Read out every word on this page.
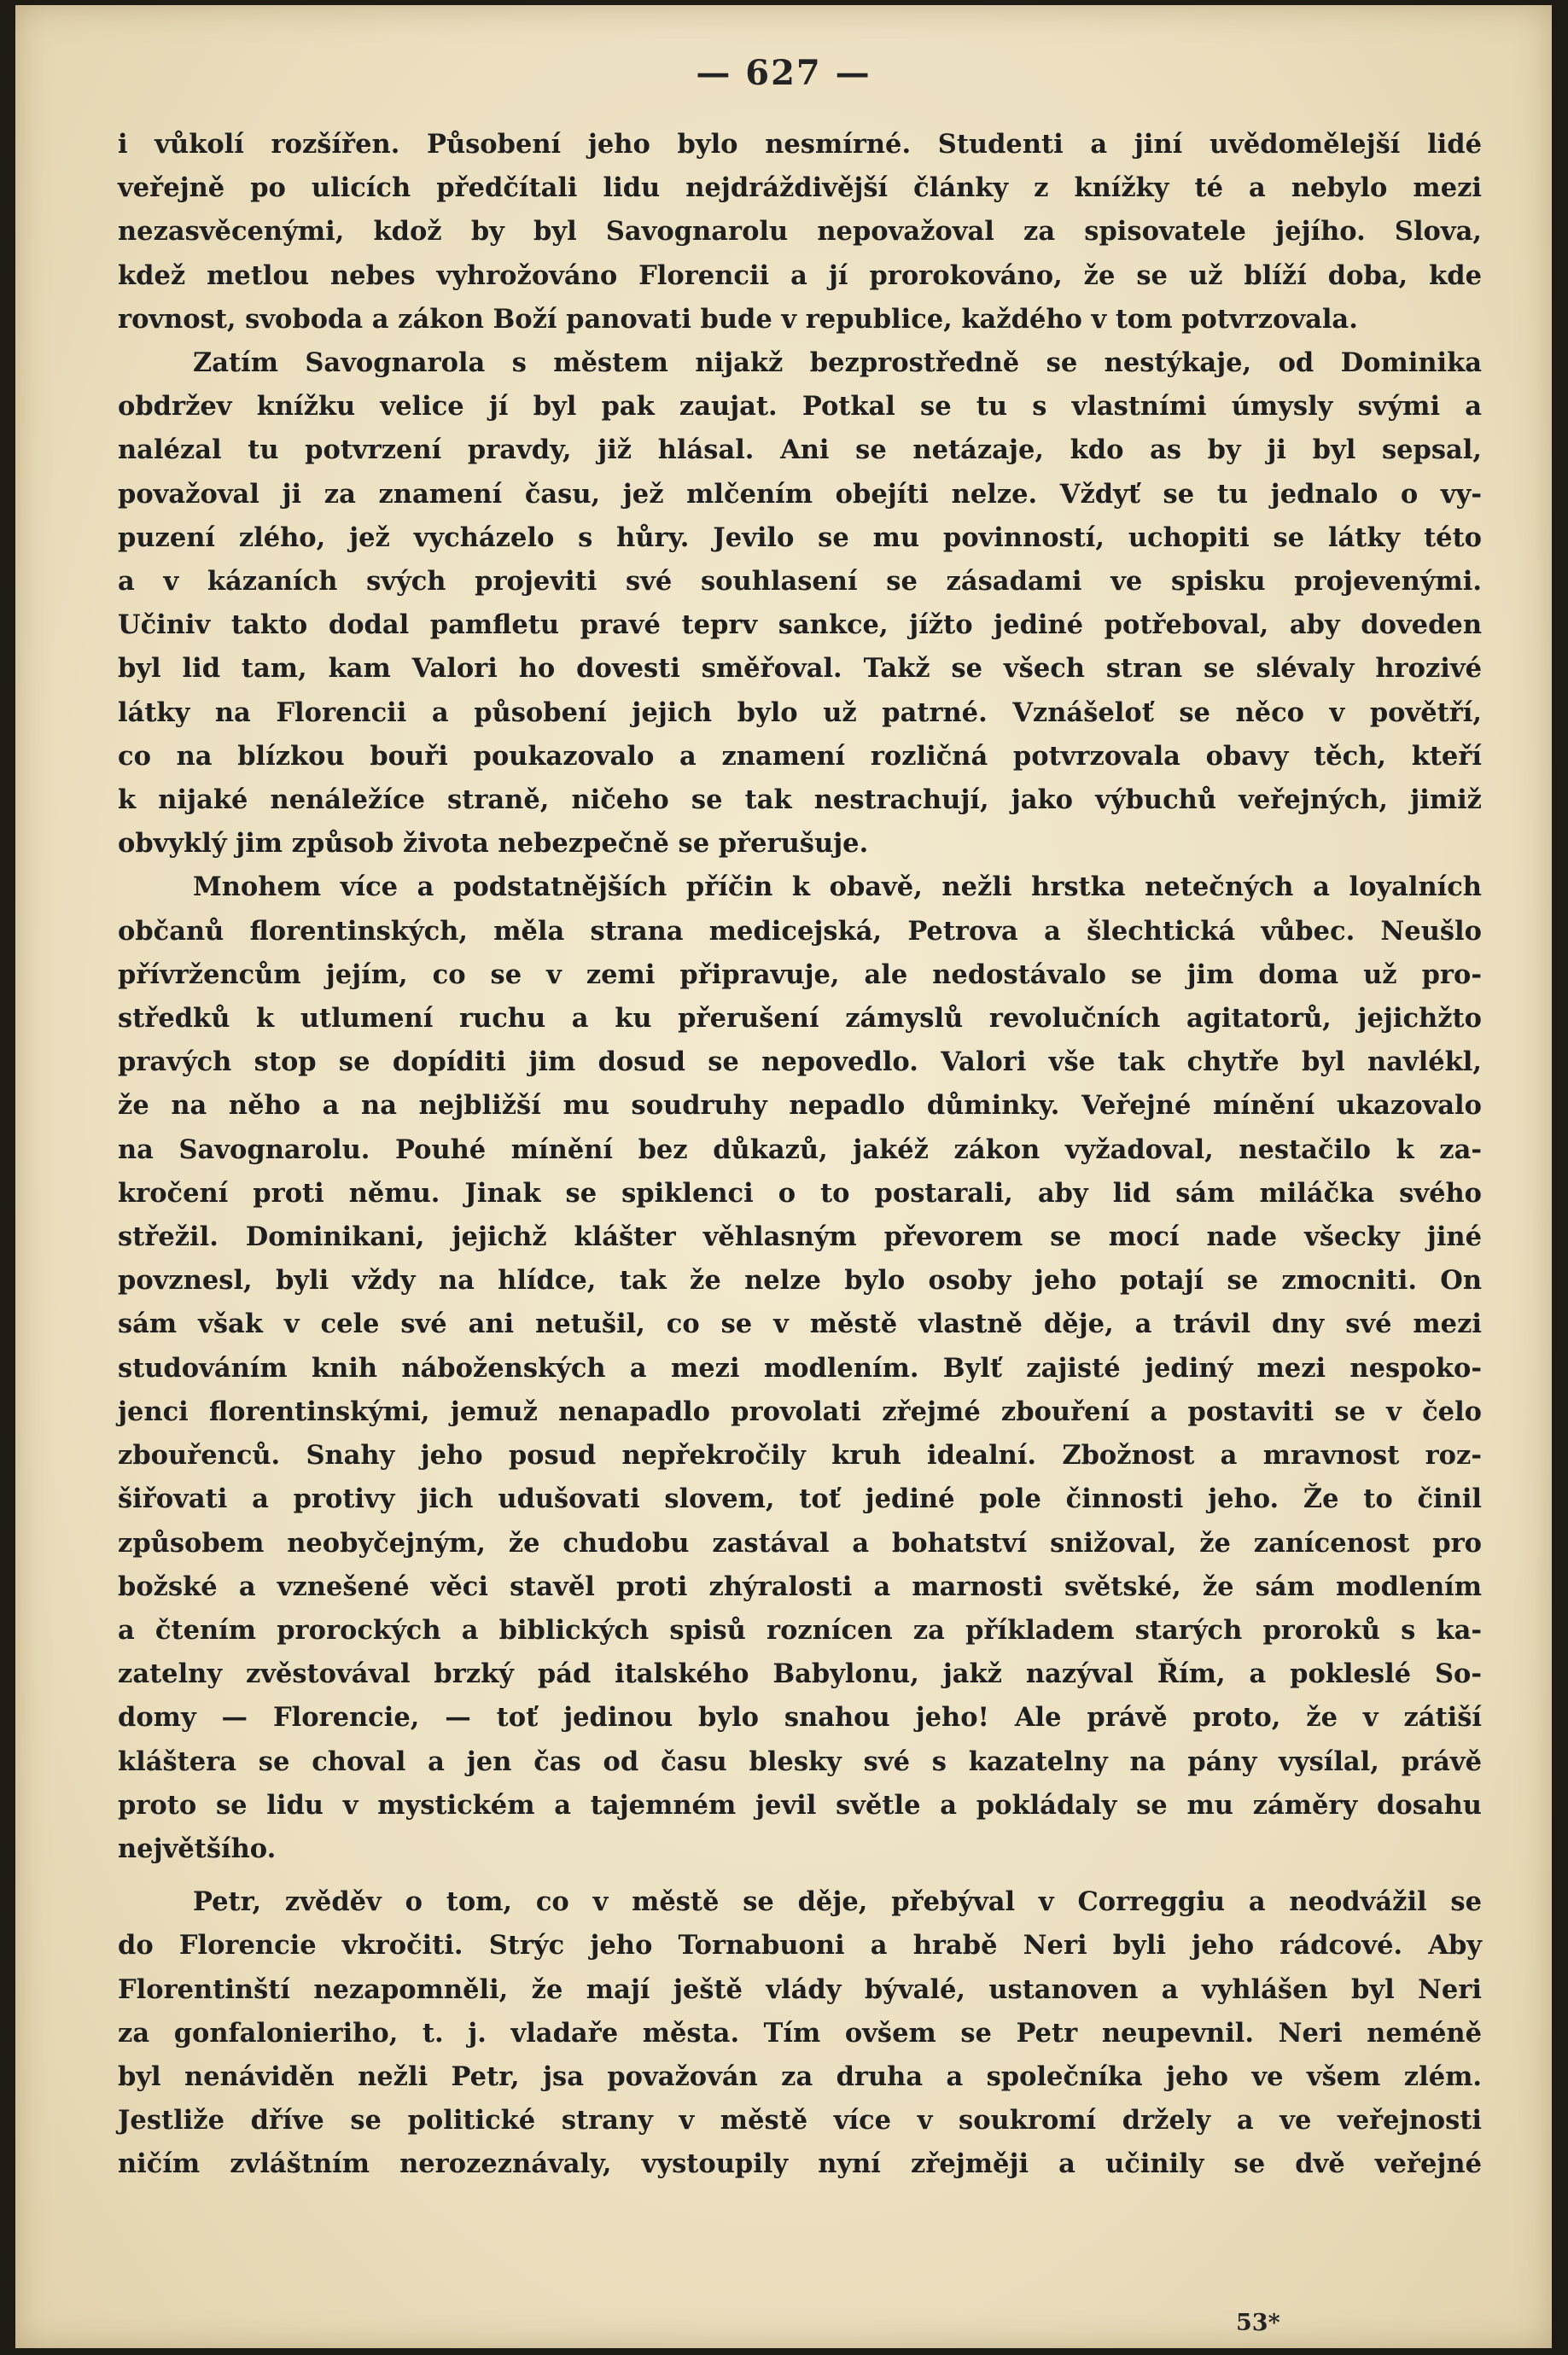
— 627 —
i vůkolí rozšířen. Působení jeho bylo nesmírné. Studenti a jiní uvědomělejší lidé
veřejně po ulicích předčítali lidu nejdráždivější články z knížky té a nebylo mezi
nezasvěcenými, kdož by byl Savognarolu nepovažoval za spisovatele jejího. Slova,
kdež metlou nebes vyhrožováno Florencii a jí prorokováno, že se už blíží doba, kde
rovnost, svoboda a zákon Boží panovati bude v republice, každého v tom potvrzovala.
Zatím Savognarola s městem nijakž bezprostředně se nestýkaje, od Dominika
obdržev knížku velice jí byl pak zaujat. Potkal se tu s vlastními úmysly svými a
nalézal tu potvrzení pravdy, již hlásal. Ani se netázaje, kdo as by ji byl sepsal,
považoval ji za znamení času, jež mlčením obejíti nelze. Vždyť se tu jednalo o vy-
puzení zlého, jež vycházelo s hůry. Jevilo se mu povinností, uchopiti se látky této
a v kázaních svých projeviti své souhlasení se zásadami ve spisku projevenými.
Učiniv takto dodal pamfletu pravé teprv sankce, jížto jediné potřeboval, aby doveden
byl lid tam, kam Valori ho dovesti směřoval. Takž se všech stran se slévaly hrozivé
látky na Florencii a působení jejich bylo už patrné. Vznášeloť se něco v povětří,
co na blízkou bouři poukazovalo a znamení rozličná potvrzovala obavy těch, kteří
k nijaké nenáležíce straně, ničeho se tak nestrachují, jako výbuchů veřejných, jimiž
obvyklý jim způsob života nebezpečně se přerušuje.
Mnohem více a podstatnějších příčin k obavě, nežli hrstka netečných a loyalních
občanů florentinských, měla strana medicejská, Petrova a šlechtická vůbec. Neušlo
přívržencům jejím, co se v zemi připravuje, ale nedostávalo se jim doma už pro-
středků k utlumení ruchu a ku přerušení zámyslů revolučních agitatorů, jejichžto
pravých stop se dopíditi jim dosud se nepovedlo. Valori vše tak chytře byl navlékl,
že na něho a na nejbližší mu soudruhy nepadlo důminky. Veřejné mínění ukazovalo
na Savognarolu. Pouhé mínění bez důkazů, jakéž zákon vyžadoval, nestačilo k za-
kročení proti němu. Jinak se spiklenci o to postarali, aby lid sám miláčka svého
střežil. Dominikani, jejichž klášter věhlasným převorem se mocí nade všecky jiné
povznesl, byli vždy na hlídce, tak že nelze bylo osoby jeho potají se zmocniti. On
sám však v cele své ani netušil, co se v městě vlastně děje, a trávil dny své mezi
studováním knih náboženských a mezi modlením. Bylť zajisté jediný mezi nespoko-
jenci florentinskými, jemuž nenapadlo provolati zřejmé zbouření a postaviti se v čelo
zbouřenců. Snahy jeho posud nepřekročily kruh idealní. Zbožnost a mravnost roz-
šiřovati a protivy jich udušovati slovem, toť jediné pole činnosti jeho. Že to činil
způsobem neobyčejným, že chudobu zastával a bohatství snižoval, že zanícenost pro
božské a vznešené věci stavěl proti zhýralosti a marnosti světské, že sám modlením
a čtením prorockých a biblických spisů roznícen za příkladem starých proroků s ka-
zatelny zvěstovával brzký pád italského Babylonu, jakž nazýval Řím, a pokleslé So-
domy — Florencie, — toť jedinou bylo snahou jeho! Ale právě proto, že v zátiší
kláštera se choval a jen čas od času blesky své s kazatelny na pány vysílal, právě
proto se lidu v mystickém a tajemném jevil světle a pokládaly se mu záměry dosahu
největšího.
Petr, zvěděv o tom, co v městě se děje, přebýval v Correggiu a neodvážil se
do Florencie vkročiti. Strýc jeho Tornabuoni a hrabě Neri byli jeho rádcové. Aby
Florentinští nezapomněli, že mají ještě vlády bývalé, ustanoven a vyhlášen byl Neri
za gonfalonieriho, t. j. vladaře města. Tím ovšem se Petr neupevnil. Neri neméně
byl nenáviděn nežli Petr, jsa považován za druha a společníka jeho ve všem zlém.
Jestliže dříve se politické strany v městě více v soukromí držely a ve veřejnosti
ničím zvláštním nerozeznávaly, vystoupily nyní zřejměji a učinily se dvě veřejné
53*
